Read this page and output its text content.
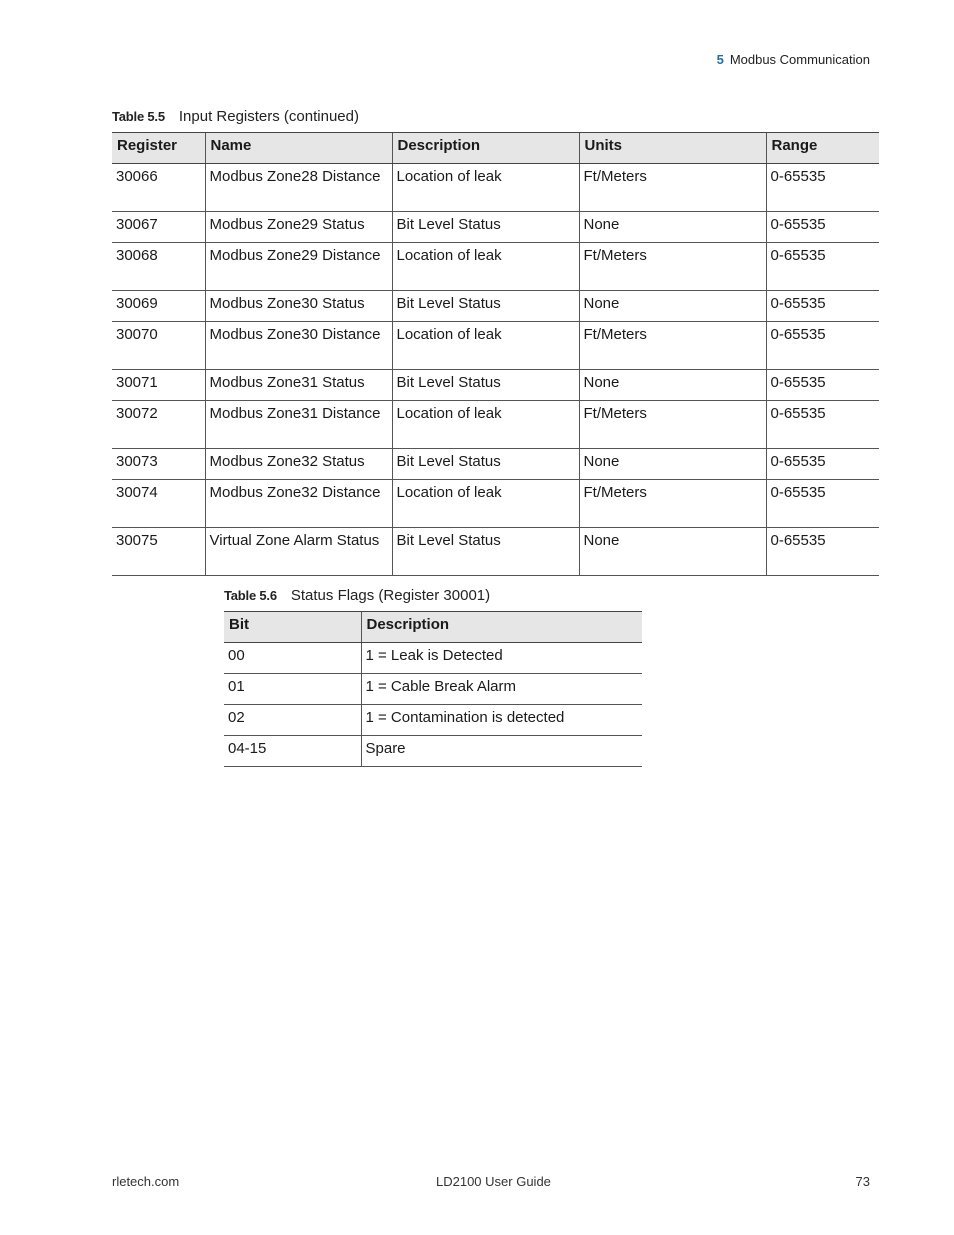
5 Modbus Communication
Table 5.5 Input Registers (continued)
Register	Name	Description	Units	Range
30066	Modbus Zone28 Distance	Location of leak	Ft/Meters	0-65535
30067	Modbus Zone29 Status	Bit Level Status	None	0-65535
30068	Modbus Zone29 Distance	Location of leak	Ft/Meters	0-65535
30069	Modbus Zone30 Status	Bit Level Status	None	0-65535
30070	Modbus Zone30 Distance	Location of leak	Ft/Meters	0-65535
30071	Modbus Zone31 Status	Bit Level Status	None	0-65535
30072	Modbus Zone31 Distance	Location of leak	Ft/Meters	0-65535
30073	Modbus Zone32 Status	Bit Level Status	None	0-65535
30074	Modbus Zone32 Distance	Location of leak	Ft/Meters	0-65535
30075	Virtual Zone Alarm Status	Bit Level Status	None	0-65535
Table 5.6 Status Flags (Register 30001)
Bit	Description
00	1 = Leak is Detected
01	1 = Cable Break Alarm
02	1 = Contamination is detected
04-15	Spare
rletech.com	LD2100 User Guide	73
